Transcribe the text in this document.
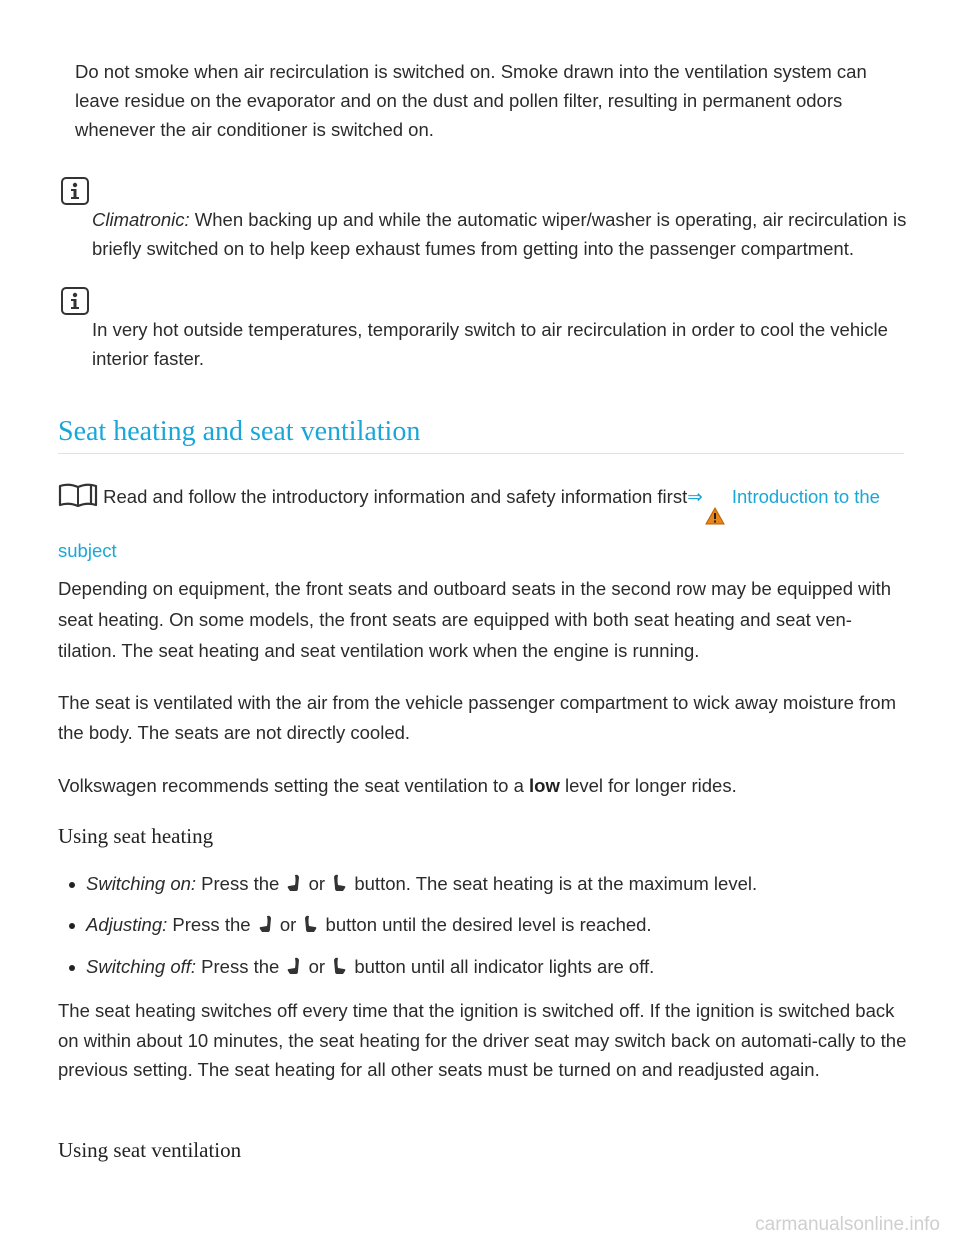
Do not smoke when air recirculation is switched on. Smoke drawn into the ventilation system can leave residue on the evaporator and on the dust and pollen filter, resulting in permanent odors whenever the air conditioner is switched on.

Climatronic: When backing up and while the automatic wiper/washer is operating, air recirculation is briefly switched on to help keep exhaust fumes from getting into the passenger compartment.

In very hot outside temperatures, temporarily switch to air recirculation in order to cool the vehicle interior faster.

Seat heating and seat ventilation

Read and follow the introductory information and safety information first⇒ Introduction to the subject

Depending on equipment, the front seats and outboard seats in the second row may be equipped with seat heating. On some models, the front seats are equipped with both seat heating and seat ven-tilation. The seat heating and seat ventilation work when the engine is running.

The seat is ventilated with the air from the vehicle passenger compartment to wick away moisture from the body. The seats are not directly cooled.

Volkswagen recommends setting the seat ventilation to a low level for longer rides.

Using seat heating
Switching on: Press the  or  button. The seat heating is at the maximum level.
Adjusting: Press the  or  button until the desired level is reached.
Switching off: Press the  or  button until all indicator lights are off.

The seat heating switches off every time that the ignition is switched off. If the ignition is switched back on within about 10 minutes, the seat heating for the driver seat may switch back on automati-cally to the previous setting. The seat heating for all other seats must be turned on and readjusted again.

Using seat ventilation
carmanualsonline.info
